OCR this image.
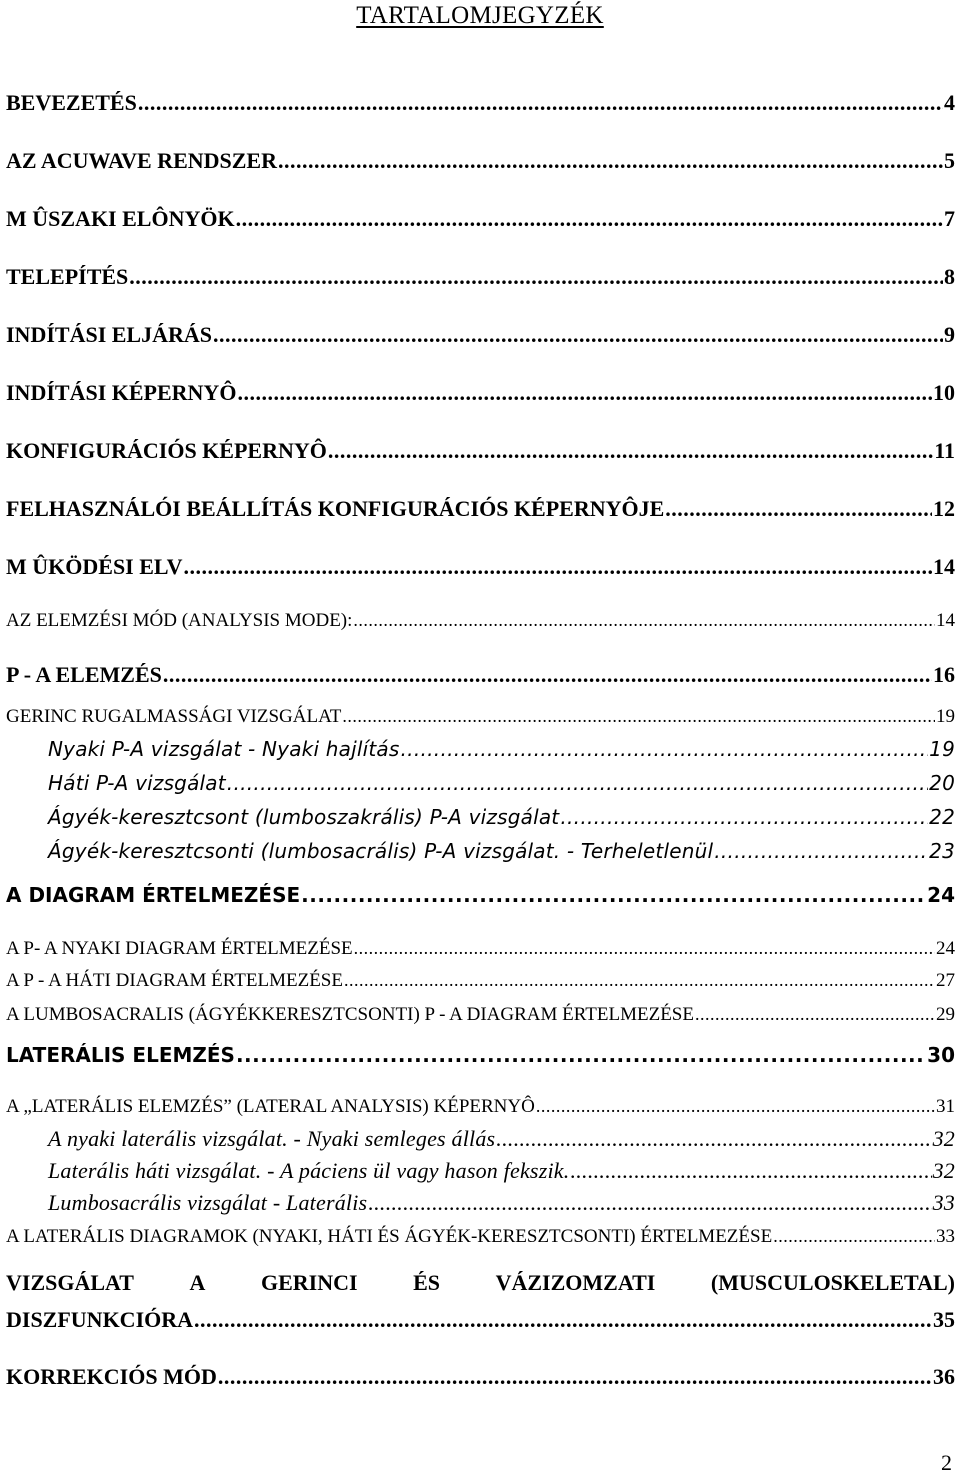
TARTALOMJEGYZÉK
BEVEZETÉS .....	4
AZ ACUWAVE RENDSZER .....	5
M ÛSZAKI ELÔNYÖK .....	7
TELEPÍTÉS .....	8
INDÍTÁSI ELJÁRÁS .....	9
INDÍTÁSI KÉPERNYÔ .....	10
KONFIGURÁCIÓS KÉPERNYÔ .....	11
FELHASZNÁLÓI BEÁLLÍTÁS KONFIGURÁCIÓS KÉPERNYÔJE .....	12
M ÛKÖDÉSI ELV .....	14
AZ ELEMZÉSI MÓD (ANALYSIS MODE): .....	14
P - A ELEMZÉS .....	16
GERINC RUGALMASSÁGI VIZSGÁLAT .....	19
Nyaki P-A vizsgálat - Nyaki hajlítás .....	19
Háti P-A vizsgálat .....	20
Ágyék-keresztcsont (lumboszakrális) P-A vizsgálat .....	22
Ágyék-keresztcsonti (lumbosacrális) P-A vizsgálat. - Terheletlenül .....	23
A DIAGRAM ÉRTELMEZÉSE .....	24
A P- A NYAKI DIAGRAM ÉRTELMEZÉSE .....	24
A P - A HÁTI DIAGRAM ÉRTELMEZÉSE .....	27
A LUMBOSACRALIS (ÁGYÉKKERESZTCSONTI) P - A DIAGRAM ÉRTELMEZÉSE .....	29
LATERÁLIS ELEMZÉS .....	30
A „LATERÁLIS ELEMZÉS” (LATERAL ANALYSIS) KÉPERNYÔ .....	31
A nyaki laterális vizsgálat. - Nyaki semleges állás .....	32
Laterális háti vizsgálat. - A páciens ül vagy hason fekszik. .....	32
Lumbosacrális vizsgálat - Laterális .....	33
A LATERÁLIS DIAGRAMOK (NYAKI, HÁTI ÉS ÁGYÉK-KERESZTCSONTI) ÉRTELMEZÉSE .....	33
VIZSGÁLAT	A	GERINCI	ÉS	VÁZIZOMZATI	(MUSCULOSKELETAL)
DISZFUNKCIÓRA .....	35
KORREKCIÓS MÓD .....	36
2
